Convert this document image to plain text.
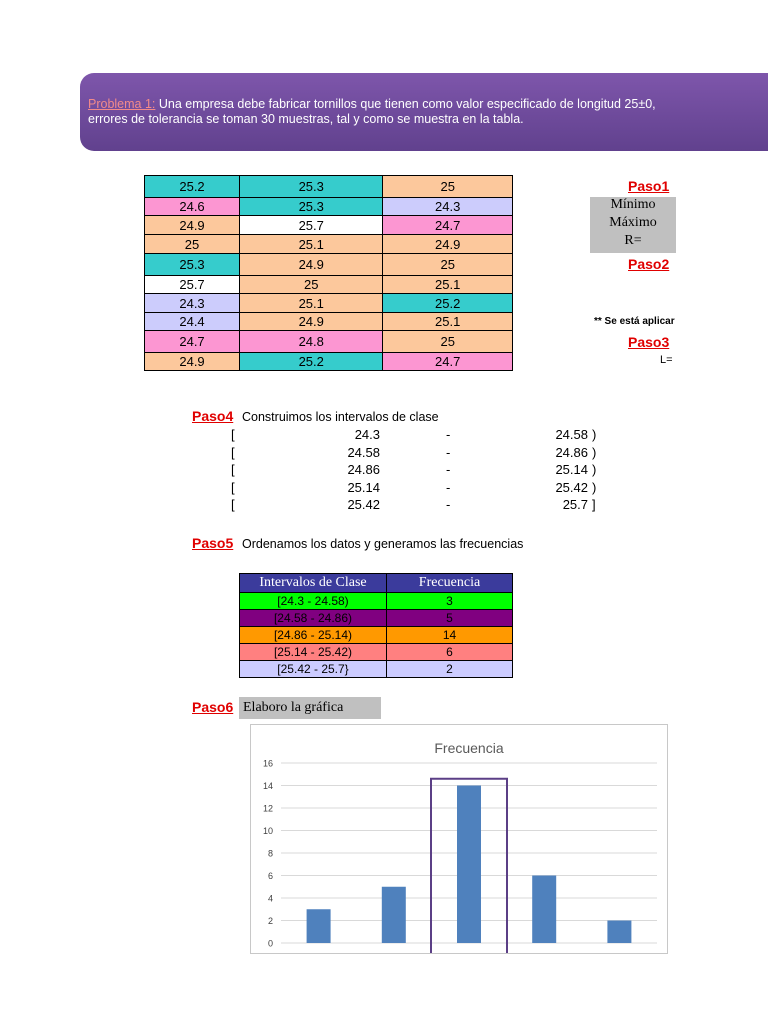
Problema 1: Una empresa debe fabricar tornillos que tienen como valor especificado de longitud 25±0,
errores de tolerancia se toman 30 muestras, tal y como se muestra en la tabla.
25.2	25.3	25
24.6	25.3	24.3
24.9	25.7	24.7
25	25.1	24.9
25.3	24.9	25
25.7	25	25.1
24.3	25.1	25.2
24.4	24.9	25.1
24.7	24.8	25
24.9	25.2	24.7
Paso1
Mínimo
Máximo
R=
Paso2
** Se está aplicar
Paso3
L=
Paso4 Construimos los intervalos de clase
[	24.3	-	24.58 )
[	24.58	-	24.86 )
[	24.86	-	25.14 )
[	25.14	-	25.42 )
[	25.42	-	25.7 ]
Paso5 Ordenamos los datos y generamos las frecuencias
Intervalos de Clase	Frecuencia
[24.3 - 24.58)	3
[24.58 - 24.86)	5
[24.86 - 25.14)	14
[25.14 - 25.42)	6
[25.42 - 25.7}	2
Paso6 Elaboro la gráfica
Frecuencia
0
2
4
6
8
10
12
14
16
